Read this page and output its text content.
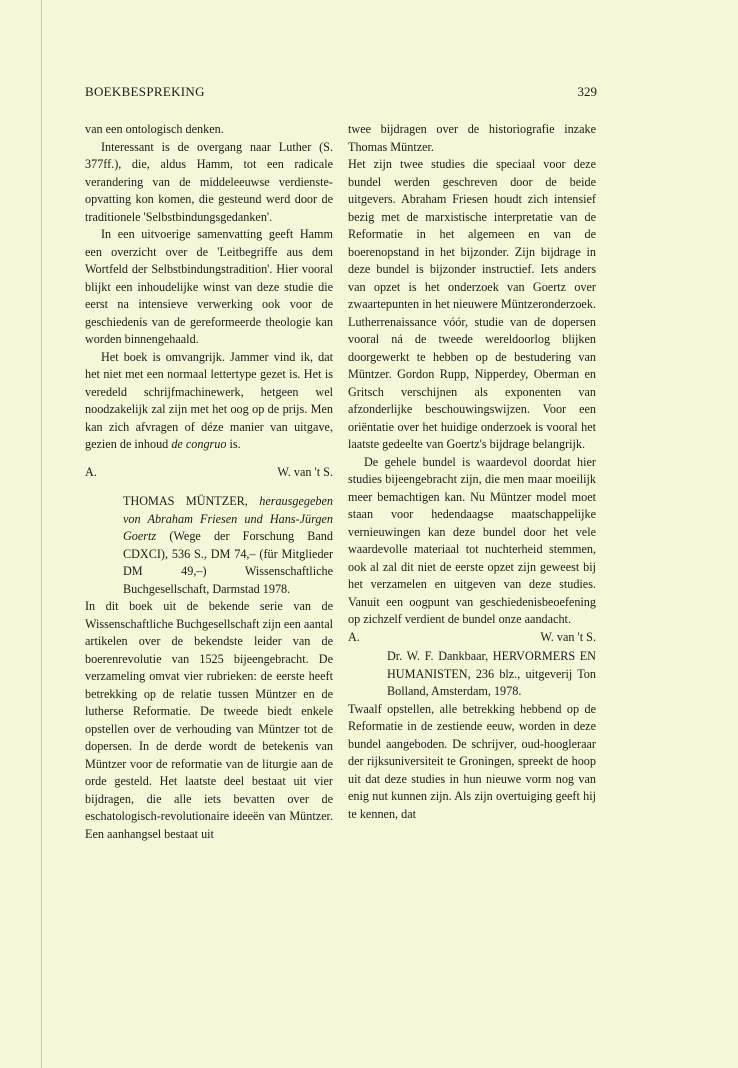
BOEKBESPREKING	329

van een ontologisch denken.

Interessant is de overgang naar Luther (S. 377ff.), die, aldus Hamm, tot een radicale verandering van de middeleeuwse verdienste-opvatting kon komen, die gesteund werd door de traditionele 'Selbstbindungsgedanken'.

In een uitvoerige samenvatting geeft Hamm een overzicht over de 'Leitbegriffe aus dem Wortfeld der Selbstbindungstradition'. Hier vooral blijkt een inhoudelijke winst van deze studie die eerst na intensieve verwerking ook voor de geschiedenis van de gereformeerde theologie kan worden binnengehaald.

Het boek is omvangrijk. Jammer vind ik, dat het niet met een normaal lettertype gezet is. Het is veredeld schrijfmachinewerk, hetgeen wel noodzakelijk zal zijn met het oog op de prijs. Men kan zich afvragen of déze manier van uitgave, gezien de inhoud de congruo is.

A.	W. van 't S.

THOMAS MÜNTZER, herausgegeben von Abraham Friesen und Hans-Jürgen Goertz (Wege der Forschung Band CDXCI), 536 S., DM 74,– (für Mitglieder DM 49,–) Wissenschaftliche Buchgesellschaft, Darmstad 1978.

In dit boek uit de bekende serie van de Wissenschaftliche Buchgesellschaft zijn een aantal artikelen over de bekendste leider van de boerenrevolutie van 1525 bijeengebracht. De verzameling omvat vier rubrieken: de eerste heeft betrekking op de relatie tussen Müntzer en de lutherse Reformatie. De tweede biedt enkele opstellen over de verhouding van Müntzer tot de dopersen. In de derde wordt de betekenis van Müntzer voor de reformatie van de liturgie aan de orde gesteld. Het laatste deel bestaat uit vier bijdragen, die alle iets bevatten over de eschatologisch-revolutionaire ideeën van Müntzer. Een aanhangsel bestaat uit

twee bijdragen over de historiografie inzake Thomas Müntzer.

Het zijn twee studies die speciaal voor deze bundel werden geschreven door de beide uitgevers. Abraham Friesen houdt zich intensief bezig met de marxistische interpretatie van de Reformatie in het algemeen en van de boerenopstand in het bijzonder. Zijn bijdrage in deze bundel is bijzonder instructief. Iets anders van opzet is het onderzoek van Goertz over zwaartepunten in het nieuwere Müntzeronderzoek. Lutherrenaissance vóór, studie van de dopersen vooral ná de tweede wereldoorlog blijken doorgewerkt te hebben op de bestudering van Müntzer. Gordon Rupp, Nipperdey, Oberman en Gritsch verschijnen als exponenten van afzonderlijke beschouwingswijzen. Voor een oriëntatie over het huidige onderzoek is vooral het laatste gedeelte van Goertz's bijdrage belangrijk.

De gehele bundel is waardevol doordat hier studies bijeengebracht zijn, die men maar moeilijk meer bemachtigen kan. Nu Müntzer model moet staan voor hedendaagse maatschappelijke vernieuwingen kan deze bundel door het vele waardevolle materiaal tot nuchterheid stemmen, ook al zal dit niet de eerste opzet zijn geweest bij het verzamelen en uitgeven van deze studies. Vanuit een oogpunt van geschiedenisbeoefening op zichzelf verdient de bundel onze aandacht.

A.	W. van 't S.

Dr. W. F. Dankbaar, HERVORMERS EN HUMANISTEN, 236 blz., uitgeverij Ton Bolland, Amsterdam, 1978.

Twaalf opstellen, alle betrekking hebbend op de Reformatie in de zestiende eeuw, worden in deze bundel aangeboden. De schrijver, oud-hoogleraar der rijksuniversiteit te Groningen, spreekt de hoop uit dat deze studies in hun nieuwe vorm nog van enig nut kunnen zijn. Als zijn overtuiging geeft hij te kennen, dat
